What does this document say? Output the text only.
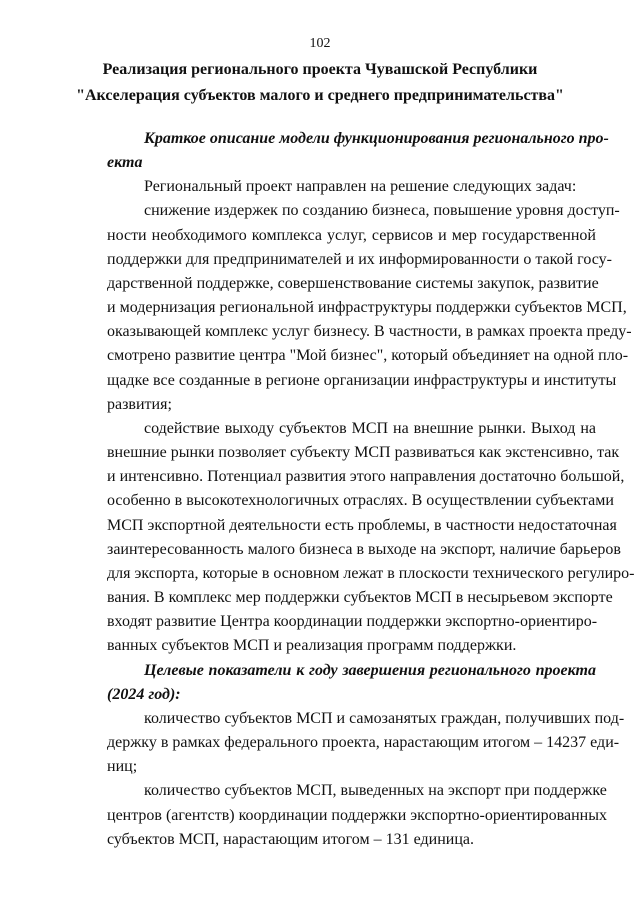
102
Реализация регионального проекта Чувашской Республики
"Акселерация субъектов малого и среднего предпринимательства"
Краткое описание модели функционирования регионального про-
екта
Региональный проект направлен на решение следующих задач:
снижение издержек по созданию бизнеса, повышение уровня доступ-
ности необходимого комплекса услуг, сервисов и мер государственной
поддержки для предпринимателей и их информированности о такой госу-
дарственной поддержке, совершенствование системы закупок, развитие
и модернизация региональной инфраструктуры поддержки субъектов МСП,
оказывающей комплекс услуг бизнесу. В частности, в рамках проекта преду-
смотрено развитие центра "Мой бизнес", который объединяет на одной пло-
щадке все созданные в регионе организации инфраструктуры и институты
развития;
содействие выходу субъектов МСП на внешние рынки. Выход на
внешние рынки позволяет субъекту МСП развиваться как экстенсивно, так
и интенсивно. Потенциал развития этого направления достаточно большой,
особенно в высокотехнологичных отраслях. В осуществлении субъектами
МСП экспортной деятельности есть проблемы, в частности недостаточная
заинтересованность малого бизнеса в выходе на экспорт, наличие барьеров
для экспорта, которые в основном лежат в плоскости технического регулиро-
вания. В комплекс мер поддержки субъектов МСП в несырьевом экспорте
входят развитие Центра координации поддержки экспортно-ориентиро-
ванных субъектов МСП и реализация программ поддержки.
Целевые показатели к году завершения регионального проекта
(2024 год):
количество субъектов МСП и самозанятых граждан, получивших под-
держку в рамках федерального проекта, нарастающим итогом – 14237 еди-
ниц;
количество субъектов МСП, выведенных на экспорт при поддержке
центров (агентств) координации поддержки экспортно-ориентированных
субъектов МСП, нарастающим итогом – 131 единица.
